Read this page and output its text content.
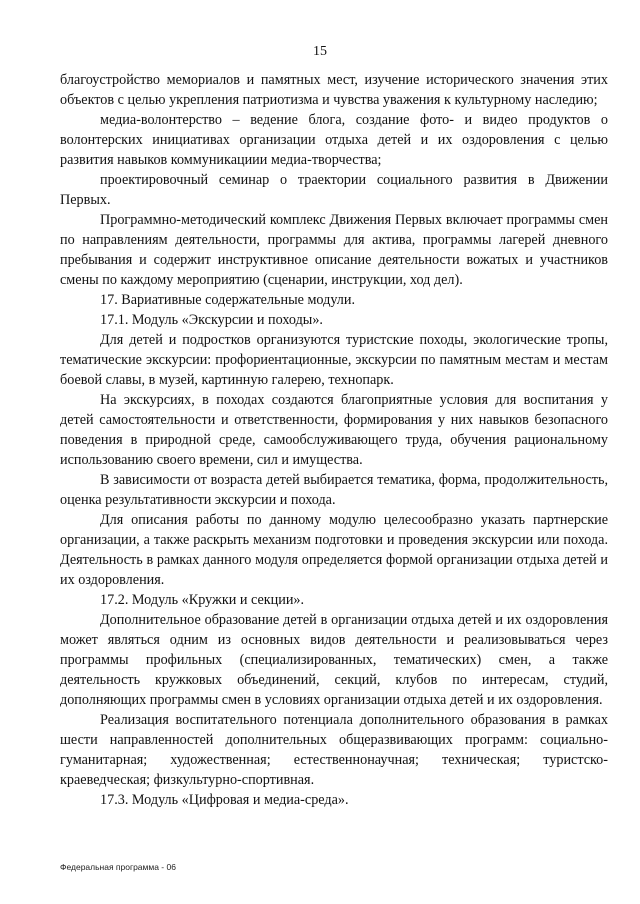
15

благоустройство мемориалов и памятных мест, изучение исторического значения этих объектов с целью укрепления патриотизма и чувства уважения к культурному наследию;

медиа-волонтерство – ведение блога, создание фото- и видео продуктов о волонтерских инициативах организации отдыха детей и их оздоровления с целью развития навыков коммуникациии медиа-творчества;

проектировочный семинар о траектории социального развития в Движении Первых.

Программно-методический комплекс Движения Первых включает программы смен по направлениям деятельности, программы для актива, программы лагерей дневного пребывания и содержит инструктивное описание деятельности вожатых и участников смены по каждому мероприятию (сценарии, инструкции, ход дел).

17. Вариативные содержательные модули.

17.1. Модуль «Экскурсии и походы».

Для детей и подростков организуются туристские походы, экологические тропы, тематические экскурсии: профориентационные, экскурсии по памятным местам и местам боевой славы, в музей, картинную галерею, технопарк.

На экскурсиях, в походах создаются благоприятные условия для воспитания у детей самостоятельности и ответственности, формирования у них навыков безопасного поведения в природной среде, самообслуживающего труда, обучения рациональному использованию своего времени, сил и имущества.

В зависимости от возраста детей выбирается тематика, форма, продолжительность, оценка результативности экскурсии и похода.

Для описания работы по данному модулю целесообразно указать партнерские организации, а также раскрыть механизм подготовки и проведения экскурсии или похода. Деятельность в рамках данного модуля определяется формой организации отдыха детей и их оздоровления.

17.2. Модуль «Кружки и секции».

Дополнительное образование детей в организации отдыха детей и их оздоровления может являться одним из основных видов деятельности и реализовываться через программы профильных (специализированных, тематических) смен, а также деятельность кружковых объединений, секций, клубов по интересам, студий, дополняющих программы смен в условиях организации отдыха детей и их оздоровления.

Реализация воспитательного потенциала дополнительного образования в рамках шести направленностей дополнительных общеразвивающих программ: социально-гуманитарная; художественная; естественнонаучная; техническая; туристско-краеведческая; физкультурно-спортивная.

17.3. Модуль «Цифровая и медиа-среда».

Федеральная программа - 06
